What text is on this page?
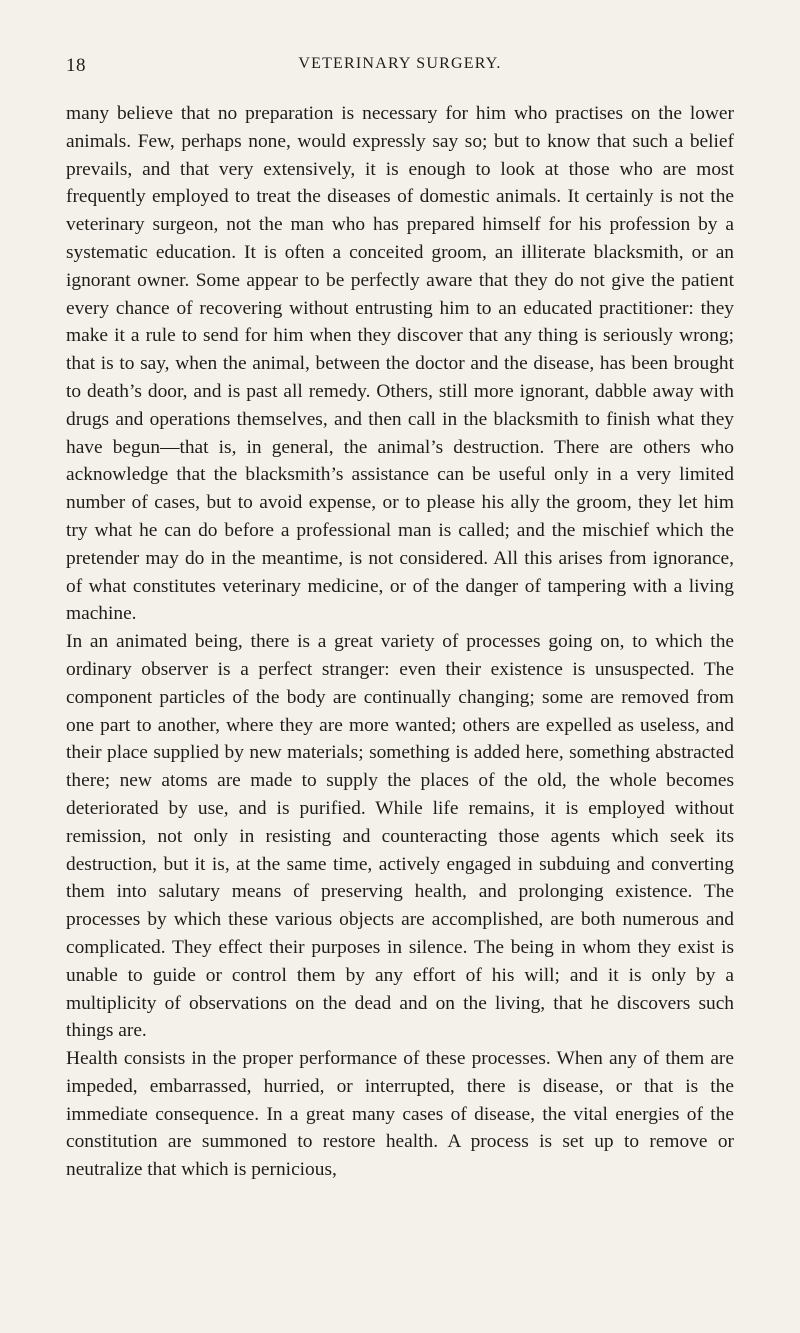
18	VETERINARY SURGERY.

many believe that no preparation is necessary for him who practises on the lower animals. Few, perhaps none, would expressly say so; but to know that such a belief prevails, and that very extensively, it is enough to look at those who are most frequently employed to treat the diseases of domestic animals. It certainly is not the veterinary surgeon, not the man who has prepared himself for his profession by a systematic education. It is often a conceited groom, an illiterate blacksmith, or an ignorant owner. Some appear to be perfectly aware that they do not give the patient every chance of recovering without entrusting him to an educated practitioner: they make it a rule to send for him when they discover that any thing is seriously wrong; that is to say, when the animal, between the doctor and the disease, has been brought to death’s door, and is past all remedy. Others, still more ignorant, dabble away with drugs and operations themselves, and then call in the blacksmith to finish what they have begun—that is, in general, the animal’s destruction. There are others who acknowledge that the blacksmith’s assistance can be useful only in a very limited number of cases, but to avoid expense, or to please his ally the groom, they let him try what he can do before a professional man is called; and the mischief which the pretender may do in the meantime, is not considered. All this arises from ignorance, of what constitutes veterinary medicine, or of the danger of tampering with a living machine.

In an animated being, there is a great variety of processes going on, to which the ordinary observer is a perfect stranger: even their existence is unsuspected. The component particles of the body are continually changing; some are removed from one part to another, where they are more wanted; others are expelled as useless, and their place supplied by new materials; something is added here, something abstracted there; new atoms are made to supply the places of the old, the whole becomes deteriorated by use, and is purified. While life remains, it is employed without remission, not only in resisting and counteracting those agents which seek its destruction, but it is, at the same time, actively engaged in subduing and converting them into salutary means of preserving health, and prolonging existence. The processes by which these various objects are accomplished, are both numerous and complicated. They effect their purposes in silence. The being in whom they exist is unable to guide or control them by any effort of his will; and it is only by a multiplicity of observations on the dead and on the living, that he discovers such things are.

Health consists in the proper performance of these processes. When any of them are impeded, embarrassed, hurried, or interrupted, there is disease, or that is the immediate consequence. In a great many cases of disease, the vital energies of the constitution are summoned to restore health. A process is set up to remove or neutralize that which is pernicious,
